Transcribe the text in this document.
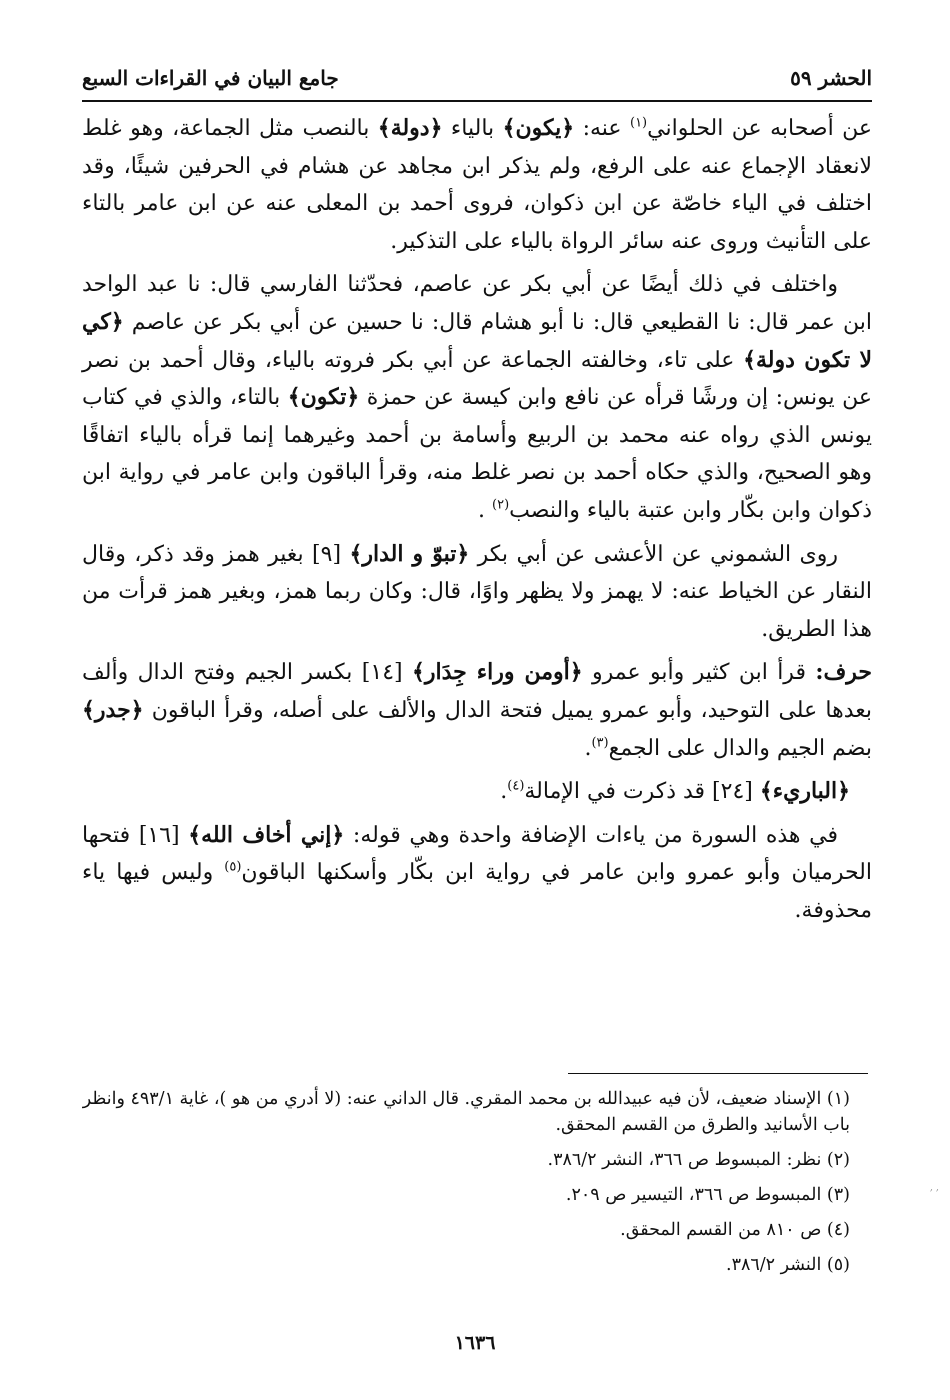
الحشر ٥٩
جامع البيان في القراءات السبع

عن أصحابه عن الحلواني$^{(١)}$ عنه: ﴿يكون﴾ بالياء ﴿دولة﴾ بالنصب مثل الجماعة، وهو غلط لانعقاد الإجماع عنه على الرفع، ولم يذكر ابن مجاهد عن هشام في الحرفين شيئًا، وقد اختلف في الياء خاصّة عن ابن ذكوان، فروى أحمد بن المعلى عنه عن ابن عامر بالتاء على التأنيث وروى عنه سائر الرواة بالياء على التذكير.

واختلف في ذلك أيضًا عن أبي بكر عن عاصم، فحدّثنا الفارسي قال: نا عبد الواحد ابن عمر قال: نا القطيعي قال: نا أبو هشام قال: نا حسين عن أبي بكر عن عاصم ﴿كي لا تكون دولة﴾ على تاء، وخالفته الجماعة عن أبي بكر فروته بالياء، وقال أحمد بن نصر عن يونس: إن ورشًا قرأه عن نافع وابن كيسة عن حمزة ﴿تكون﴾ بالتاء، والذي في كتاب يونس الذي رواه عنه محمد بن الربيع وأسامة بن أحمد وغيرهما إنما قرأه بالياء اتفاقًا وهو الصحيح، والذي حكاه أحمد بن نصر غلط منه، وقرأ الباقون وابن عامر في رواية ابن ذكوان وابن بكّار وابن عتبة بالياء والنصب$^{(٢)}$ .

روى الشموني عن الأعشى عن أبي بكر ﴿تبوّ و الدار﴾ [٩] بغير همز وقد ذكر، وقال النقار عن الخياط عنه: لا يهمز ولا يظهر واوًا، قال: وكان ربما همز، وبغير همز قرأت من هذا الطريق.

حرف: قرأ ابن كثير وأبو عمرو ﴿أومن وراء جِدَار﴾ [١٤] بكسر الجيم وفتح الدال وألف بعدها على التوحيد، وأبو عمرو يميل فتحة الدال والألف على أصله، وقرأ الباقون ﴿جدر﴾ بضم الجيم والدال على الجمع$^{(٣)}$.

﴿الباريء﴾ [٢٤] قد ذكرت في الإمالة$^{(٤)}$.

في هذه السورة من ياءات الإضافة واحدة وهي قوله: ﴿إني أخاف الله﴾ [١٦] فتحها الحرميان وأبو عمرو وابن عامر في رواية ابن بكّار وأسكنها الباقون$^{(٥)}$ وليس فيها ياء محذوفة.

(١) الإسناد ضعيف، لأن فيه عبيدالله بن محمد المقري. قال الداني عنه: (لا أدري من هو )، غاية ٤٩٣/١ وانظر باب الأسانيد والطرق من القسم المحقق.

(٢) نظر: المبسوط ص ٣٦٦، النشر ٣٨٦/٢.

(٣) المبسوط ص ٣٦٦، التيسير ص ٢٠٩.

(٤) ص ٨١٠ من القسم المحقق.

(٥) النشر ٣٨٦/٢.

١٦٣٦
׳ ׳
